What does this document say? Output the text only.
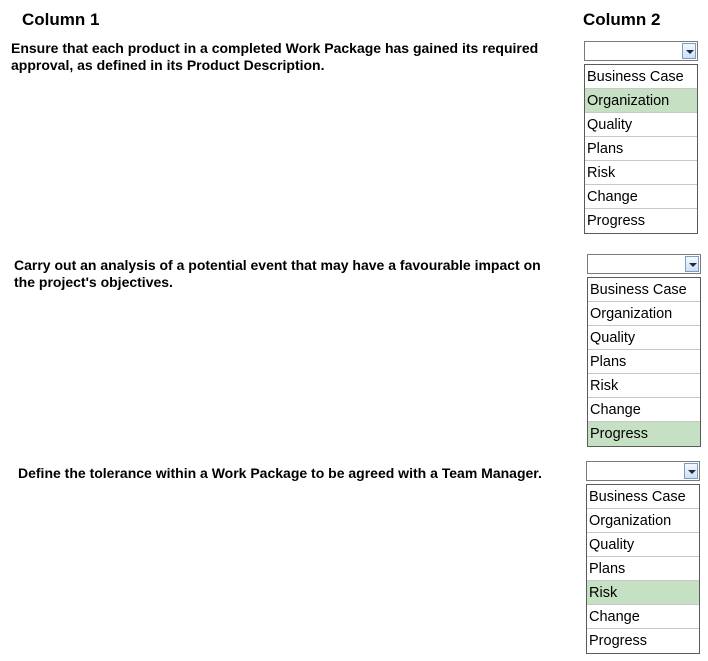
Column 1	Column 2
Ensure that each product in a completed Work Package has gained its required
approval, as defined in its Product Description.
Business Case
Organization
Quality
Plans
Risk
Change
Progress
Carry out an analysis of a potential event that may have a favourable impact on
the project's objectives.	Business Case
Organization
Quality
Plans
Risk
Change
Progress
Define the tolerance within a Work Package to be agreed with a Team Manager.
Business Case
Organization
Quality
Plans
Risk
Change
Progress
